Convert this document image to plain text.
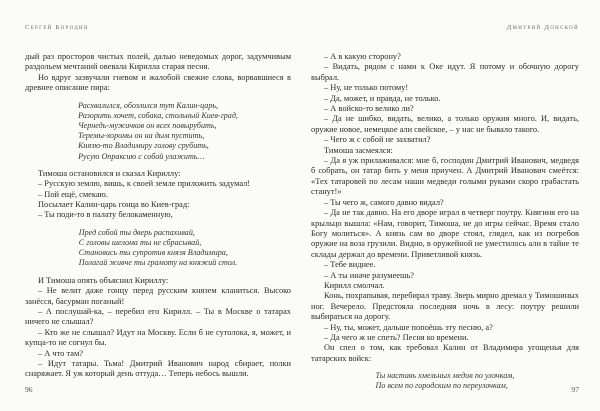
Сергей Бородин

дый раз просторов чистых полей, далью неведомых дорог, задумчивым раздольем мечтаний овевала Кирилла старая песня.

Но вдруг зазвучали гневом и жалобой свежие слова, ворвавшиеся в древнее описание пира:

Расхвалился, обозлился тут Калин-царь,
Разорить хочет, собака, стольный Киев-град,
Чернедь-мужичков он всех повырубить,
Теремы-хоромы он на дым пустить,
Князю-то Владимиру голову срубить,
Русую Опраксию с собой улажить…

Тимоша остановился и сказал Кириллу:

– Русскую землю, вишь, к своей земле приложить задумал!

– Пой ещё, смекаю.

Посылает Калин-царь гонца во Киев-град:

– Ты поди-то в палату белокаменную,

Пред собой ты дверь распахивай,
С головы шелома ты не сбрасывай,
Становись ты супротив князя Владимира,
Полагай живче ты грамоту на княжий стол.

И Тимоша опять объяснил Кириллу:

– Не велит даже гонцу перед русским князем кланиться. Высоко занёсся, басурман поганый!

– А послушай-ка, – перебил его Кирилл. – Ты в Москве о татарах ничего не слышал?

– Кто же не слышал? Идут на Москву. Если б не сутолока, я, может, и купца-то не согнул бы.

– А что там?

– Идут татары. Тьма! Дмитрий Иванович народ сбирает, полки снаряжает. Я уж который день оттуда… Теперь небось вышли.

96
Дмитрий Донской

– А в какую сторону?

– Видать, рядом с нами к Оке идут. Я потому и обочную дорогу выбрал.

– Ну, не только потому!

– Да, может, и правда, не только.

– А войско-то велико ли?

– Да не шибко, видать, велико, а только оружия много. И, видать, оружие новое, немецкое али свейское, – у нас не бывало такого.

– Чего ж с собой не захватил?

Тимоша засмеялся:

– Да я уж прилаживался: мне б, господин Дмитрий Иванович, медведя б собрать, он татар бить у меня приучен. А Дмитрий Иванович смеётся: «Тех татаровей по лесам наши медведи голыми руками скоро грабастать станут!»

– Ты чего ж, самого давно видал?

– Да не так давно. На его дворе играл в четверг поутру. Княгиня его на крыльцо вышла: «Нам, говорит, Тимоша, не до игры сейчас. Время стало Богу молиться». А князь сам во дворе стоял, глядел, как из погребов оружие на воза грузили. Видно, в оружейной не уместилось али в тайне те склады держал до времени. Приветливой князь.

– Тебе виднее.

– А ты иначе разумеешь?

Кирилл смолчал.

Конь, похрапывая, перебирал траву. Зверь мирно дремал у Тимошиных ног. Вечерело. Предстояла последняя ночь в лесу: поутру решили выбираться на дорогу.

– Ну, ты, может, дальше попоёшь эту песню, а?

– Да чего ж не спеть? Песня ко времени.

Он спел о том, как требовал Калин от Владимира угощенья для татарских войск:

Ты наставь хмельных медов по улочкам,
По всем по городским по переулочкам,	97
